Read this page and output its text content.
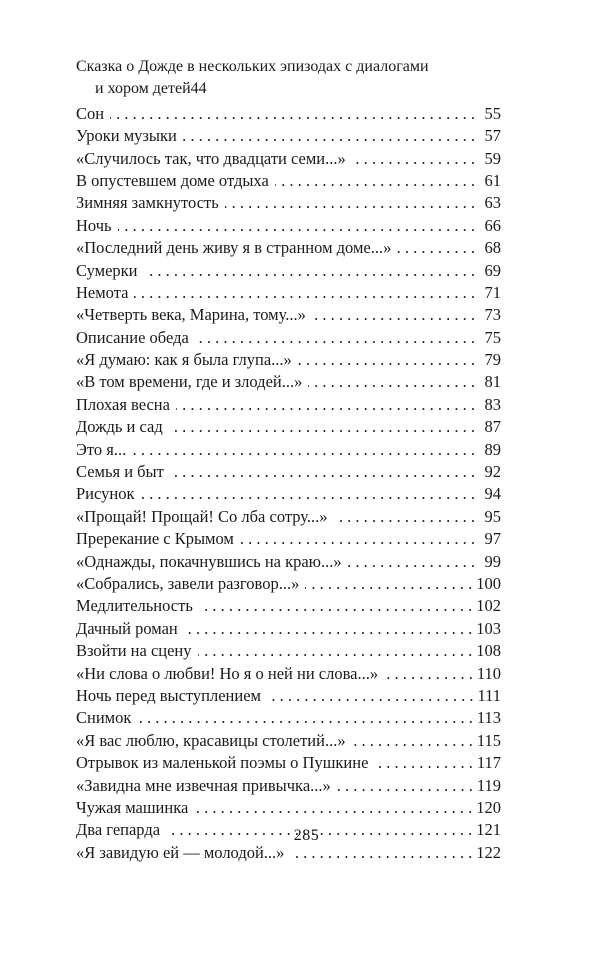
Сказка о Дожде в нескольких эпизодах с диалогами
и хором детей 44
Сон . . .	55
Уроки музыки . . .	57
«Случилось так, что двадцати семи...» . . .	59
В опустевшем доме отдыха . . .	61
Зимняя замкнутость . . .	63
Ночь . . .	66
«Последний день живу я в странном доме...» . . .	68
Сумерки . . .	69
Немота . . .	71
«Четверть века, Марина, тому...» . . .	73
Описание обеда . . .	75
«Я думаю: как я была глупа...» . . .	79
«В том времени, где и злодей...» . . .	81
Плохая весна . . .	83
Дождь и сад . . .	87
Это я... . . .	89
Семья и быт . . .	92
Рисунок . . .	94
«Прощай! Прощай! Со лба сотру...» . . .	95
Пререкание с Крымом . . .	97
«Однажды, покачнувшись на краю...» . . .	99
«Собрались, завели разговор...» . . .	100
Медлительность . . .	102
Дачный роман . . .	103
Взойти на сцену . . .	108
«Ни слова о любви! Но я о ней ни слова...» . . .	110
Ночь перед выступлением . . .	111
Снимок . . .	113
«Я вас люблю, красавицы столетий...» . . .	115
Отрывок из маленькой поэмы о Пушкине . . .	117
«Завидна мне извечная привычка...» . . .	119
Чужая машинка . . .	120
Два гепарда . . .	121
«Я завидую ей — молодой...» . . .	122
285
